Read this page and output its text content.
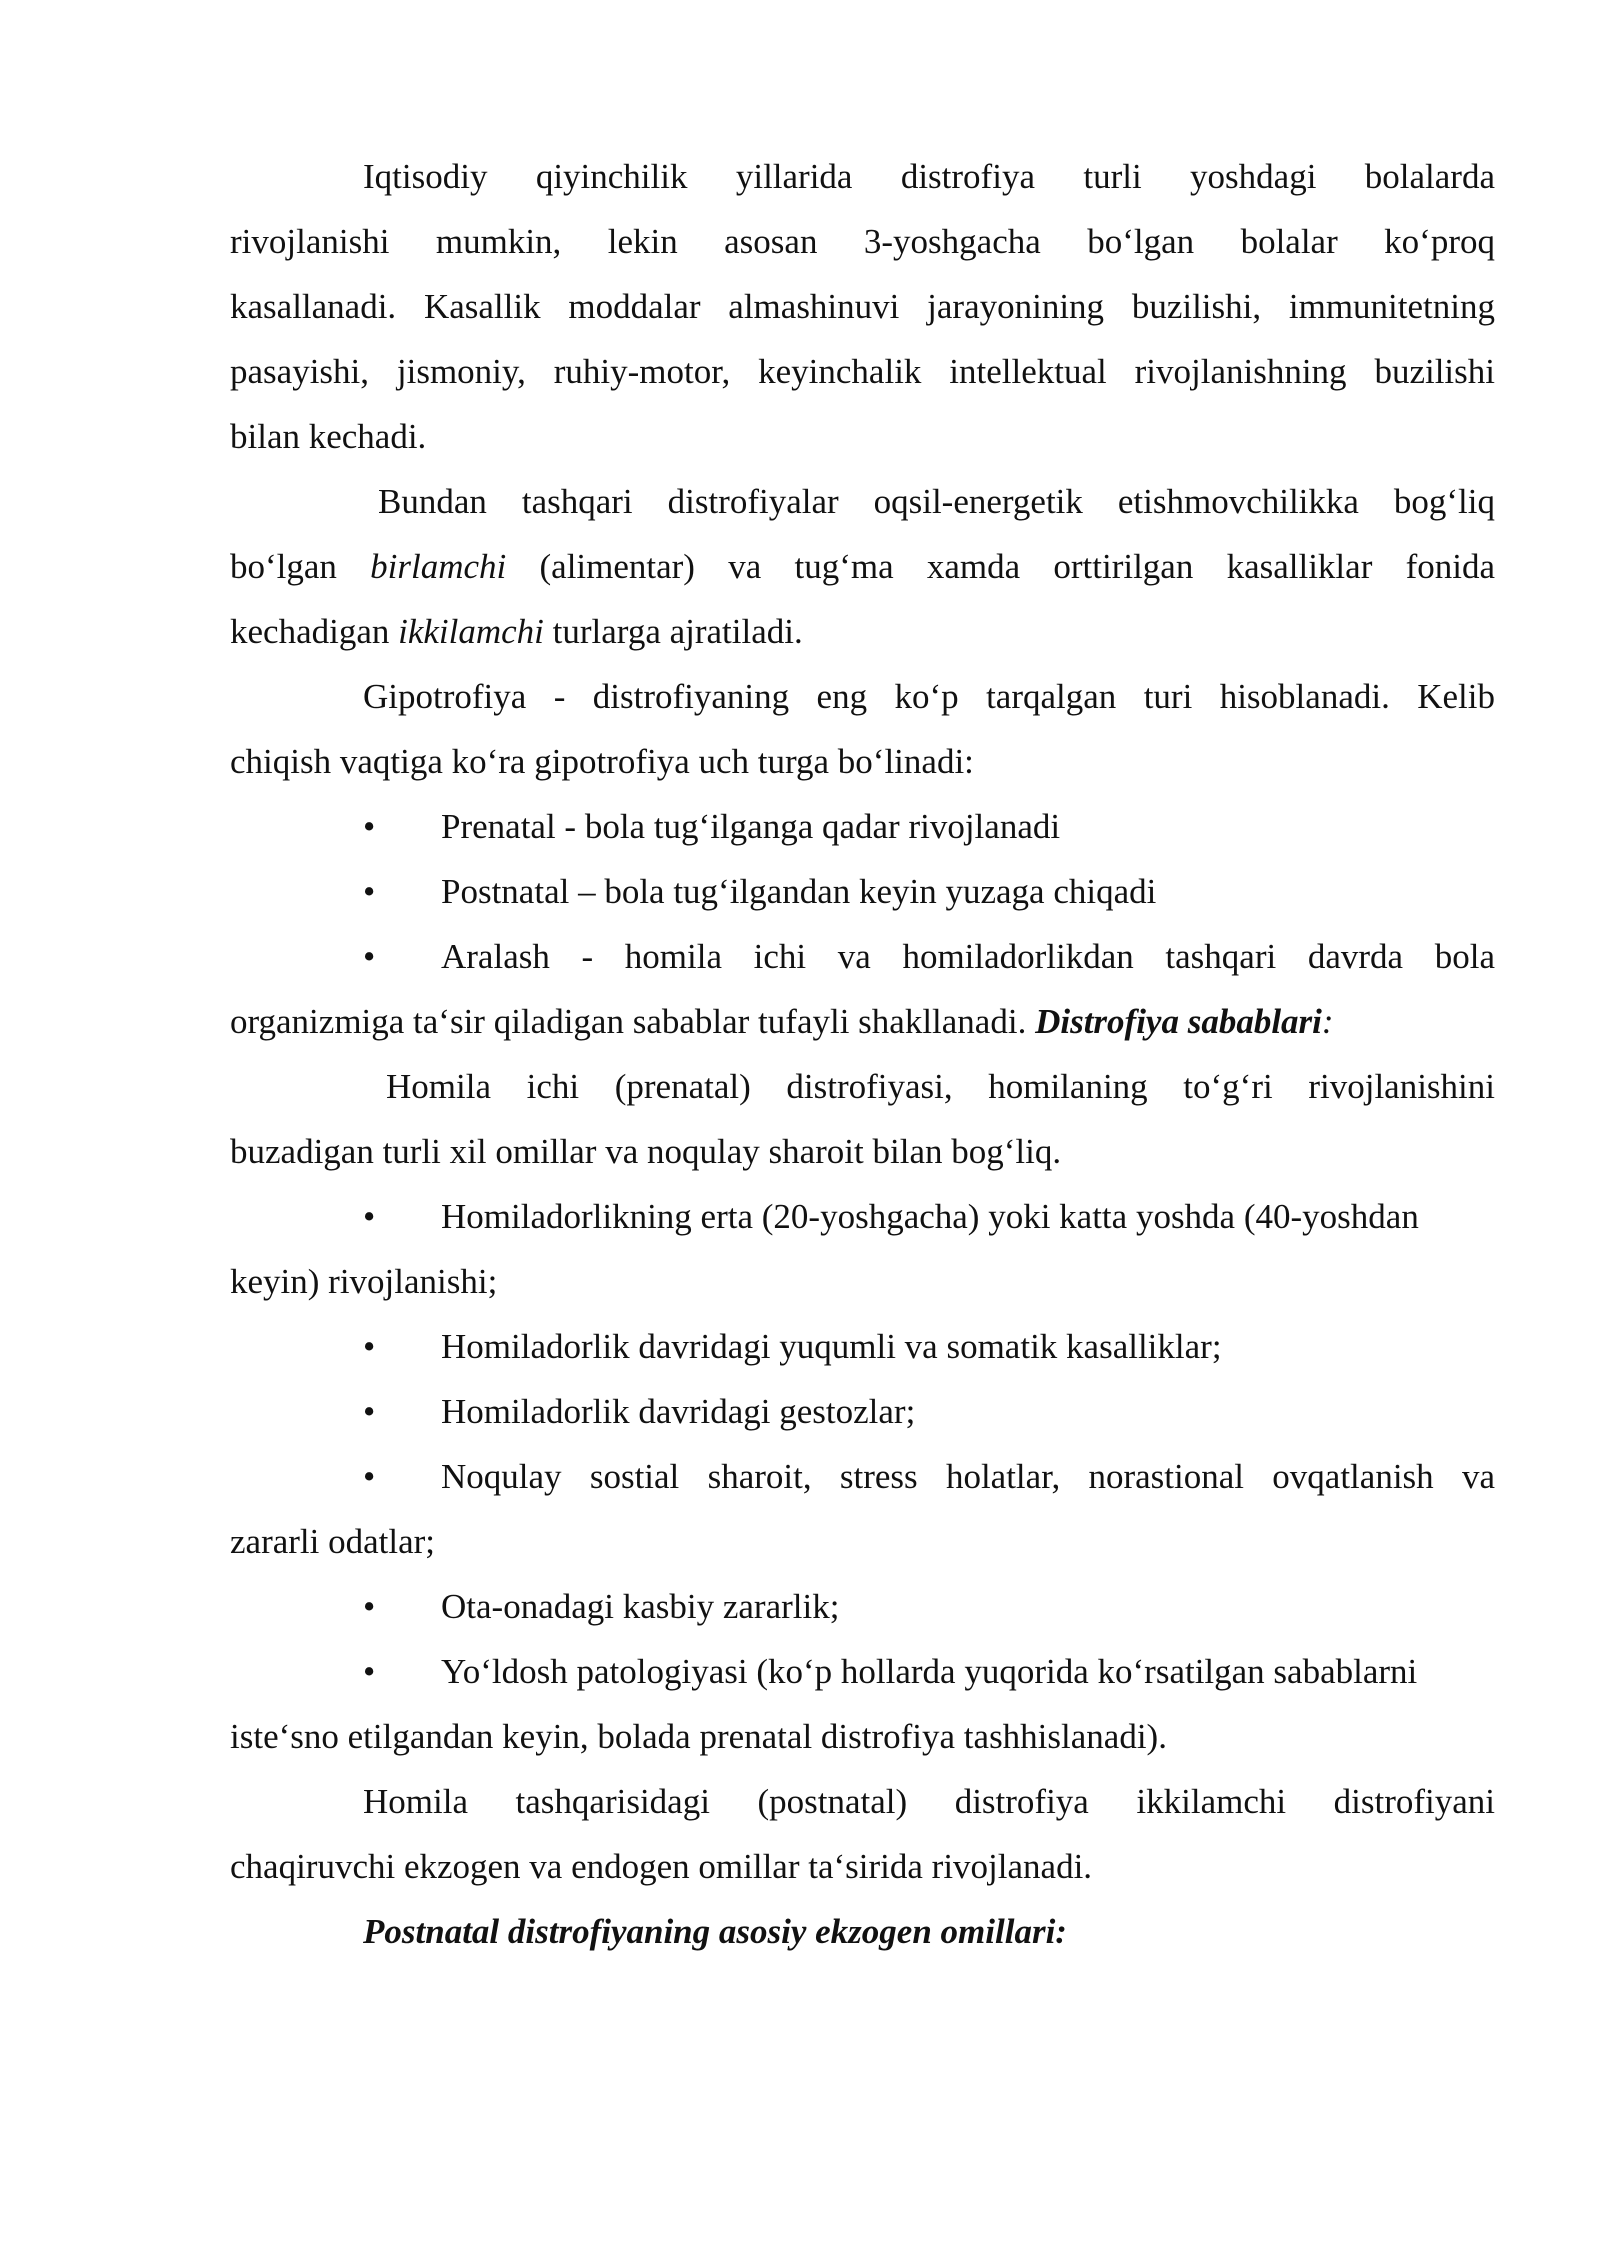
Iqtisodiy qiyinchilik yillarida distrofiya turli yoshdagi bolalarda
rivojlanishi mumkin, lekin asosan 3-yoshgacha bo‘lgan bolalar ko‘proq
kasallanadi. Kasallik moddalar almashinuvi jarayonining buzilishi, immunitetning
pasayishi, jismoniy, ruhiy-motor, keyinchalik intellektual rivojlanishning buzilishi
bilan kechadi.
Bundan tashqari distrofiyalar oqsil-energetik etishmovchilikka bog‘liq
bo‘lgan birlamchi (alimentar) va tug‘ma xamda orttirilgan kasalliklar fonida
kechadigan ikkilamchi turlarga ajratiladi.
Gipotrofiya - distrofiyaning eng ko‘p tarqalgan turi hisoblanadi. Kelib
chiqish vaqtiga ko‘ra gipotrofiya uch turga bo‘linadi:
• Prenatal - bola tug‘ilganga qadar rivojlanadi
• Postnatal – bola tug‘ilgandan keyin yuzaga chiqadi
• Aralash - homila ichi va homiladorlikdan tashqari davrda bola
organizmiga ta‘sir qiladigan sabablar tufayli shakllanadi. Distrofiya sabablari:
Homila ichi (prenatal) distrofiyasi, homilaning to‘g‘ri rivojlanishini
buzadigan turli xil omillar va noqulay sharoit bilan bog‘liq.
• Homiladorlikning erta (20-yoshgacha) yoki katta yoshda (40-yoshdan
keyin) rivojlanishi;
• Homiladorlik davridagi yuqumli va somatik kasalliklar;
• Homiladorlik davridagi gestozlar;
• Noqulay sostial sharoit, stress holatlar, norastional ovqatlanish va
zararli odatlar;
• Ota-onadagi kasbiy zararlik;
• Yo‘ldosh patologiyasi (ko‘p hollarda yuqorida ko‘rsatilgan sabablarni
iste‘sno etilgandan keyin, bolada prenatal distrofiya tashhislanadi).
Homila tashqarisidagi (postnatal) distrofiya ikkilamchi distrofiyani
chaqiruvchi ekzogen va endogen omillar ta‘sirida rivojlanadi.
Postnatal distrofiyaning asosiy ekzogen omillari:
